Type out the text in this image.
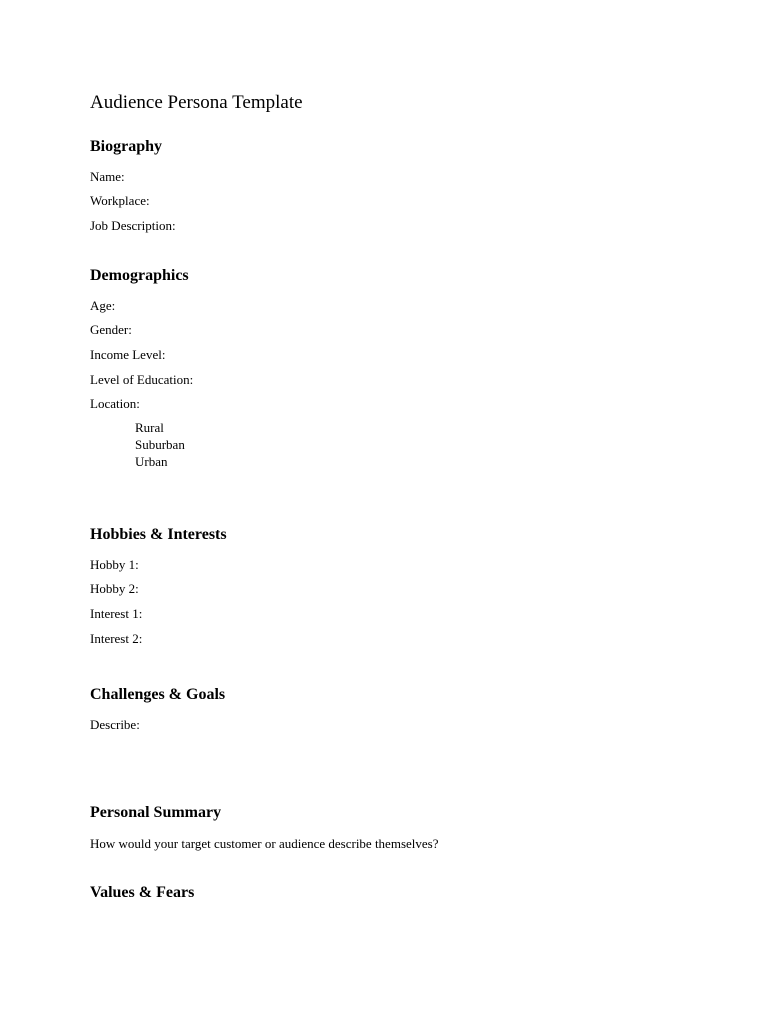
Audience Persona Template
Biography
Name:
Workplace:
Job Description:
Demographics
Age:
Gender:
Income Level:
Level of Education:
Location:
Rural
Suburban
Urban
Hobbies & Interests
Hobby 1:
Hobby 2:
Interest 1:
Interest 2:
Challenges & Goals
Describe:
Personal Summary
How would your target customer or audience describe themselves?
Values & Fears
